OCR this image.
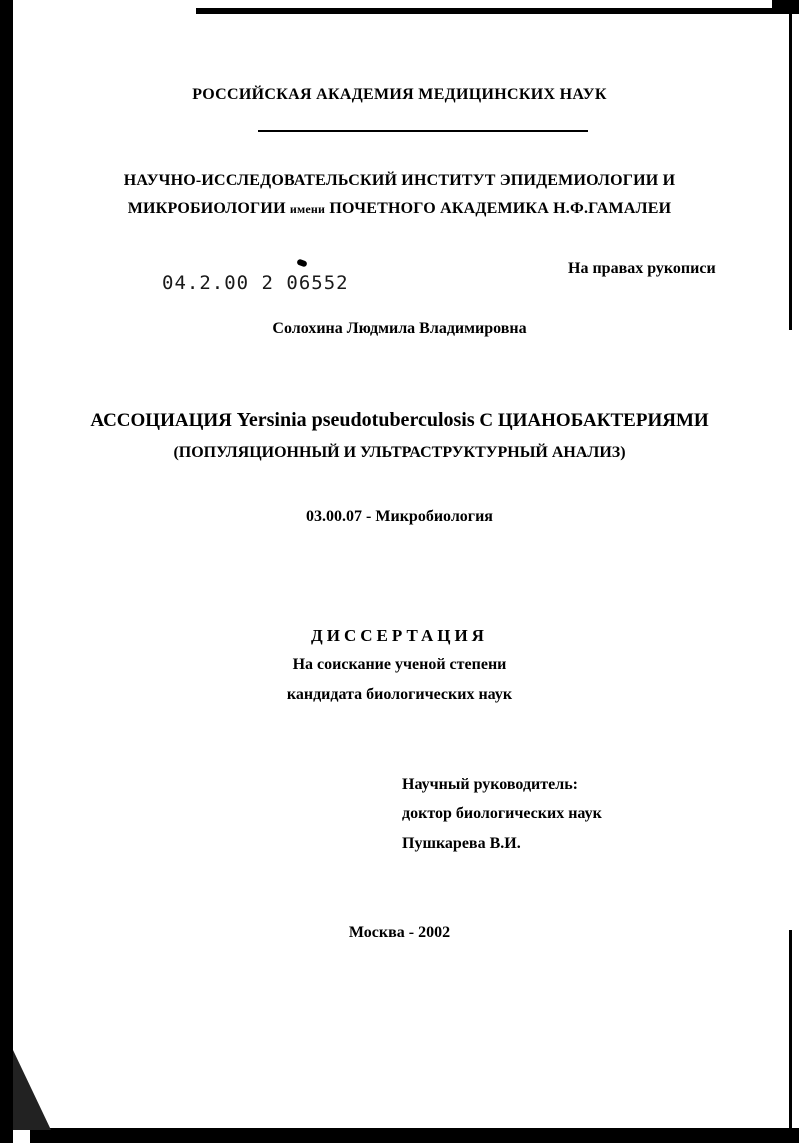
РОССИЙСКАЯ АКАДЕМИЯ МЕДИЦИНСКИХ НАУК
НАУЧНО-ИССЛЕДОВАТЕЛЬСКИЙ ИНСТИТУТ ЭПИДЕМИОЛОГИИ И
МИКРОБИОЛОГИИ имени ПОЧЕТНОГО АКАДЕМИКА Н.Ф.ГАМАЛЕИ
04.2.00 2 06552
На правах рукописи
Солохина Людмила Владимировна
АССОЦИАЦИЯ Yersinia pseudotuberculosis С ЦИАНОБАКТЕРИЯМИ
(ПОПУЛЯЦИОННЫЙ И УЛЬТРАСТРУКТУРНЫЙ АНАЛИЗ)
03.00.07 - Микробиология
ДИССЕРТАЦИЯ
На соискание ученой степени
кандидата биологических наук
Научный руководитель:
доктор биологических наук
Пушкарева В.И.
Москва - 2002
